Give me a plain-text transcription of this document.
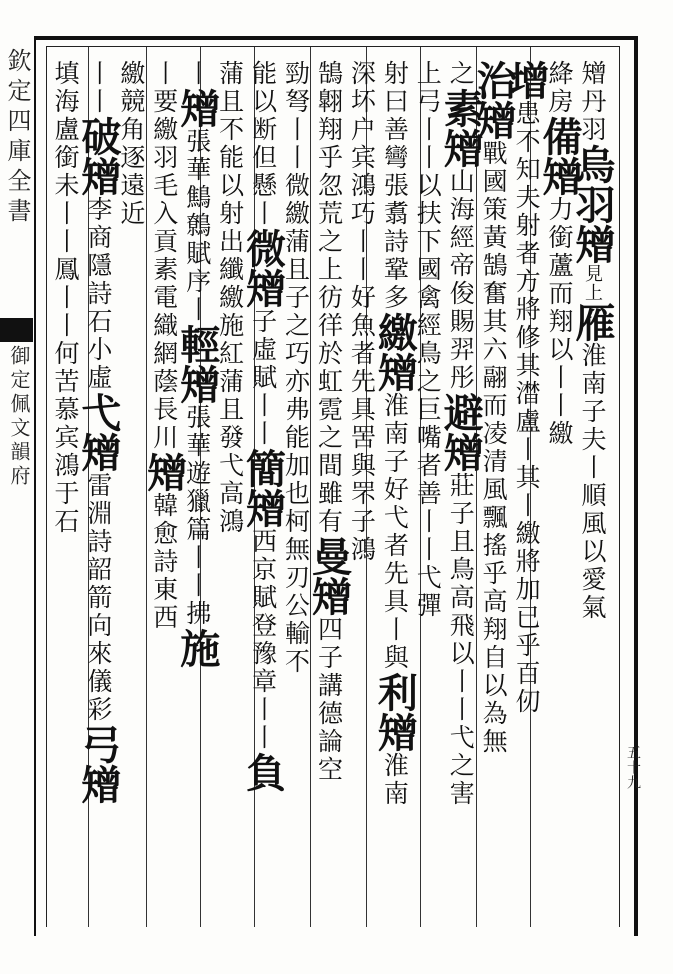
欽定四庫全書
御定佩文韻府
五十九
矰丹羽烏羽矰見上雁淮南子夫丨順風以愛氣
絳房備矰力銜蘆而翔以丨丨繳
增患不知夫射者方將修其澘盧丨其丨繳將加已乎百仞
治矰戰國策黃鵠奮其六翮而凌清風飄搖乎高翔自以為無
之素矰山海經帝俊賜羿彤避矰莊子且鳥高飛以丨丨弋之害
上弓丨丨以扶下國禽經鳥之巨嘴者善丨丨弋彈
射曰善彎張翥詩鞏多繳矰淮南子好弋者先具丨與利矰淮南
深坏户宾鴻巧丨丨好魚者先具罟與罘子鴻
鵠翺翔乎忽荒之上彷徉於虹霓之間雖有曼矰四子講德論空
勁弩丨丨微繳蒲且子之巧亦弗能加也柯無刃公輸不
能以断但懸丨微矰子虛賦丨丨簡矰西京賦登豫章丨丨負
蒲且不能以射出纖繳施紅蒲且發弋高鴻
丨矰張華鷦鷯賦序丨輕矰張華遊獵篇丨丨拂施
丨要繳羽毛入貢素電織網蔭長川矰韓愈詩東西
繳競角逐遠近
丨丨破矰李商隱詩石小虛弋矰雷淵詩韶箭向來儀彩弓矰
填海盧銜未丨丨鳳丨丨何苦慕宾鴻于石
